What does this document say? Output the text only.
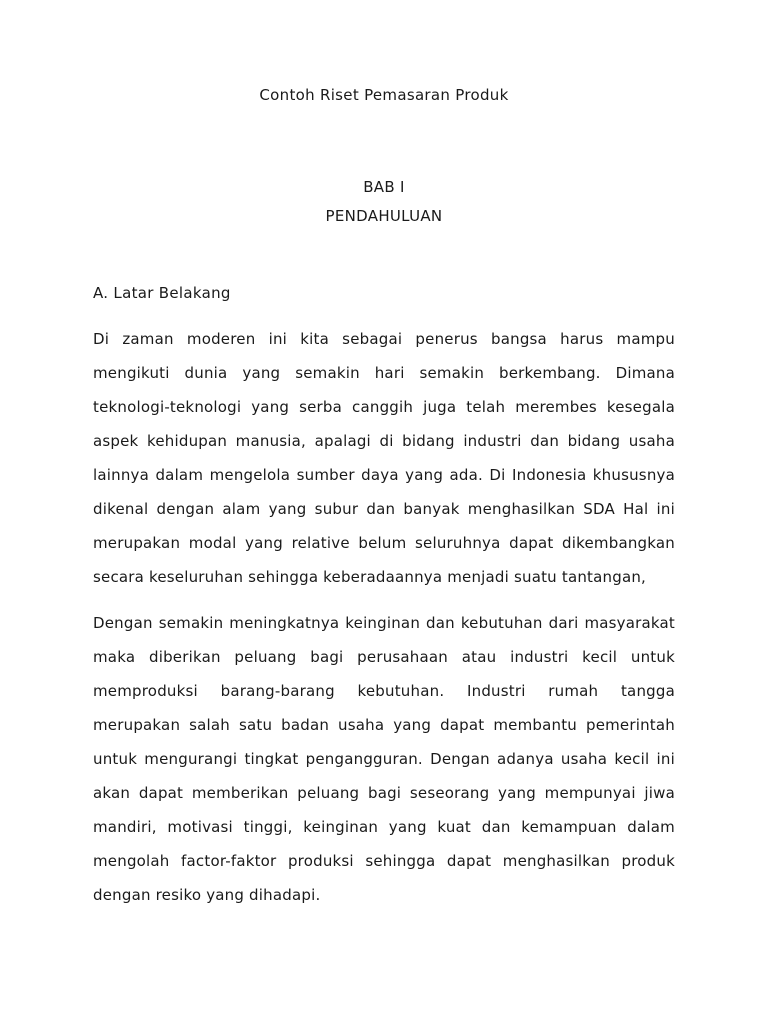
Contoh Riset Pemasaran Produk
BAB I
PENDAHULUAN
A. Latar Belakang

Di zaman moderen ini kita sebagai penerus bangsa harus mampu mengikuti dunia yang semakin hari semakin berkembang. Dimana teknologi-teknologi yang serba canggih juga telah merembes kesegala aspek kehidupan manusia, apalagi di bidang industri dan bidang usaha lainnya dalam mengelola sumber daya yang ada. Di Indonesia khususnya dikenal dengan alam yang subur dan banyak menghasilkan SDA Hal ini merupakan modal yang relative belum seluruhnya dapat dikembangkan secara keseluruhan sehingga keberadaannya menjadi suatu tantangan,

Dengan semakin meningkatnya keinginan dan kebutuhan dari masyarakat maka diberikan peluang bagi perusahaan atau industri kecil untuk memproduksi barang-barang kebutuhan. Industri rumah tangga merupakan salah satu badan usaha yang dapat membantu pemerintah untuk mengurangi tingkat pengangguran. Dengan adanya usaha kecil ini akan dapat memberikan peluang bagi seseorang yang mempunyai jiwa mandiri, motivasi tinggi, keinginan yang kuat dan kemampuan dalam mengolah factor-faktor produksi sehingga dapat menghasilkan produk dengan resiko yang dihadapi.
